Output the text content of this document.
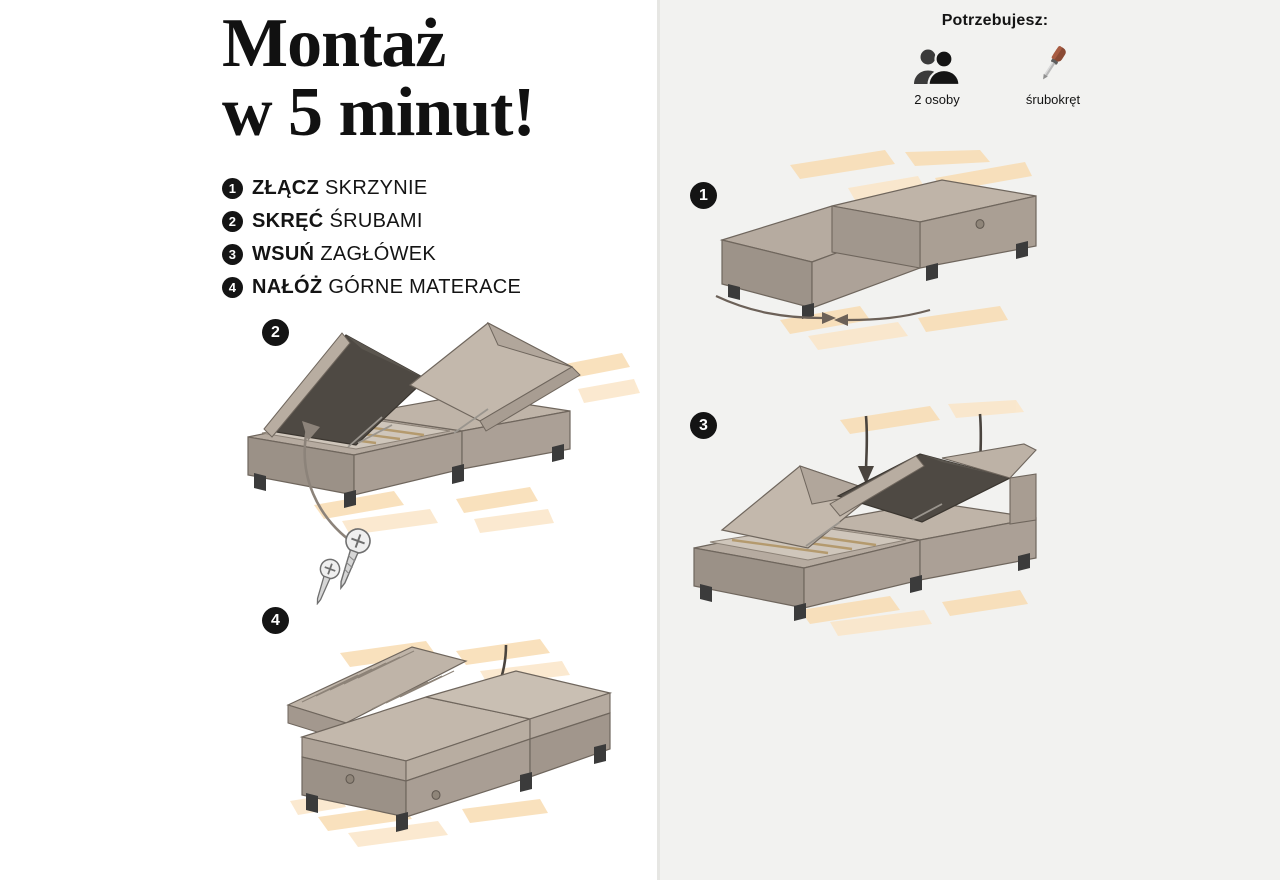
Montaż
w 5 minut!
1 ZŁĄCZ SKRZYNIE
2 SKRĘĆ ŚRUBAMI
3 WSUŃ ZAGŁÓWEK
4 NAŁÓŻ GÓRNE MATERACE
Potrzebujesz:
2 osoby	śrubokręt
1
3
2
4
